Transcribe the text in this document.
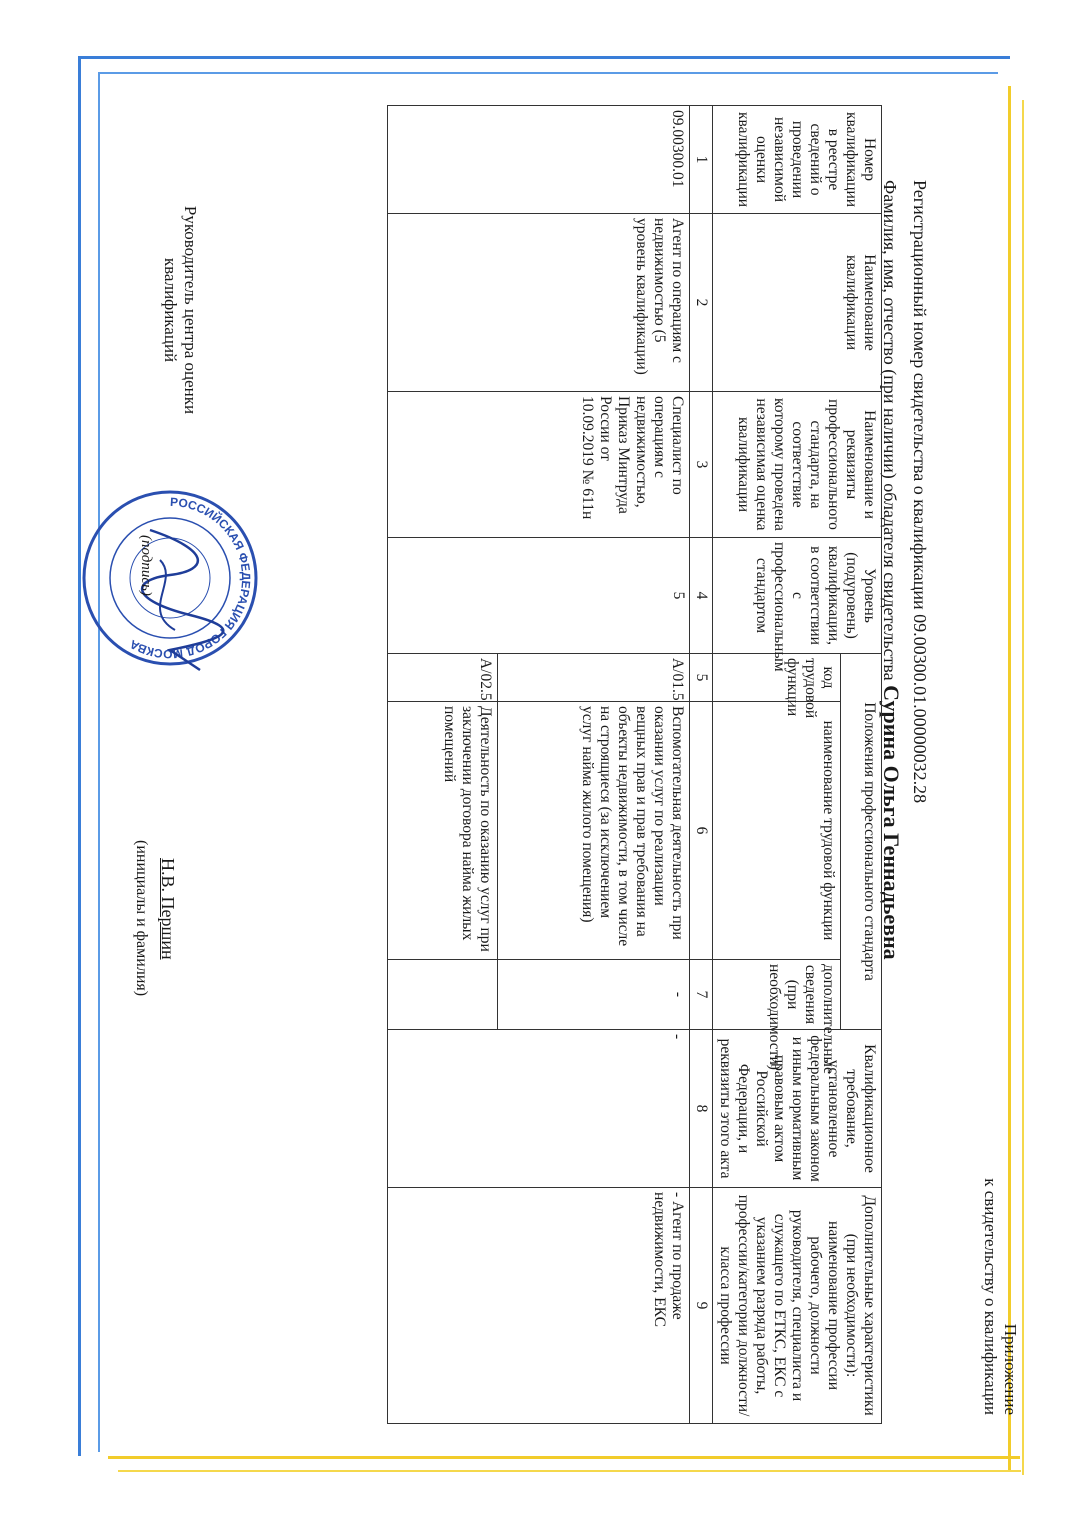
Приложение
к свидетельству о квалификации
Регистрационный номер свидетельства о квалификации 09.00300.01.00000032.28
Фамилия, имя, отчество (при наличии) обладателя свидетельства Сурина Ольга Геннадьевна
Номер квалификации в реестре сведений о проведении независимой оценки квалификации	Наименование квалификации	Наименование и реквизиты профессионального стандарта, на соответствие которому проведена независимая оценка квалификации	Уровень (подуровень) квалификации, в соответствии с профессиональным стандартом	Положения профессионального стандарта			Квалификационное требование, установленное федеральным законом и иным нормативным правовым актом Российской Федерации, и реквизиты этого акта	Дополнительные характеристики (при необходимости): наименование профессии рабочего, должности руководителя, специалиста и служащего по ЕТКС, ЕКС с указанием разряда работы, профессии/категории должности/класса профессии
				код трудовой функции	наименование трудовой функции	дополнительные сведения (при необходимости)		
1	2	3	4	5	6	7	8	9
09.00300.01	Агент по операциям с недвижимостью (5 уровень квалификации)	Специалист по операциям с недвижимостью, Приказ Минтруда России от 10.09.2019 № 611н	5	A/01.5	Вспомогательная деятельность при оказании услуг по реализации вещных прав и прав требования на объекты недвижимости, в том числе на строящиеся (за исключением услуг найма жилого помещения)	-	-	- Агент по продаже недвижимости, ЕКС
				A/02.5	Деятельность по оказанию услуг при заключении договора найма жилых помещений			
Руководитель центра оценки квалификаций
РОССИЙСКАЯ ФЕДЕРАЦИЯ ГОРОД МОСКВА
(подпись)
Н.В. Першин
(инициалы и фамилия)
